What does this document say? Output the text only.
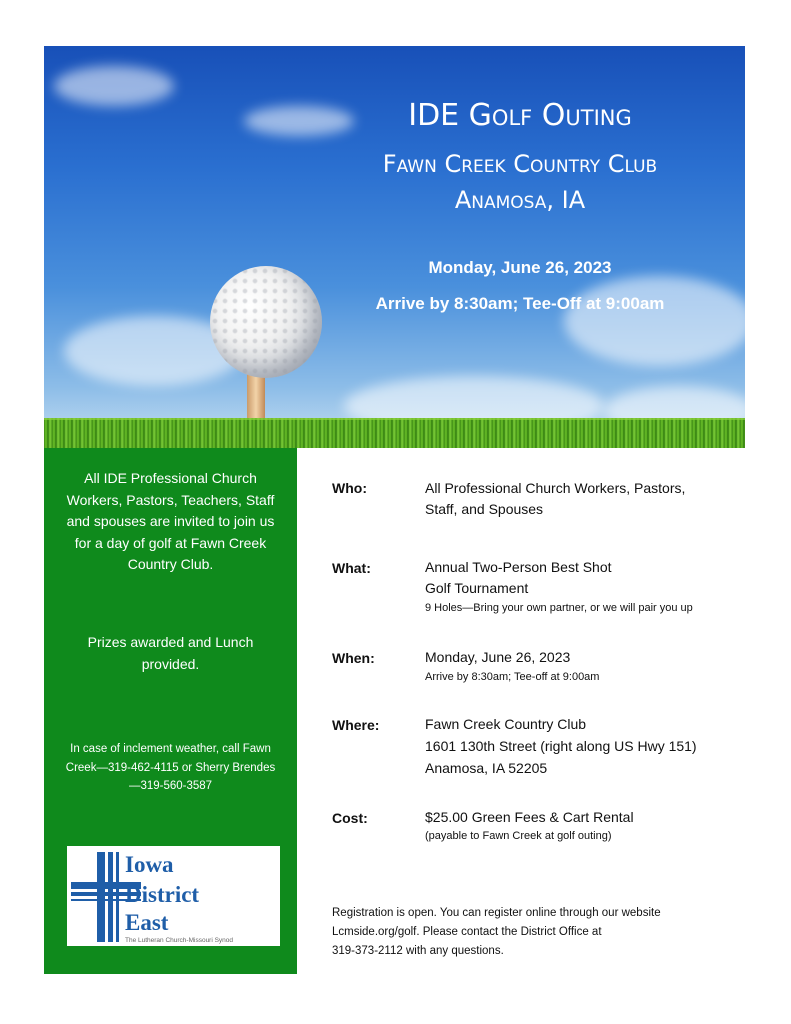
IDE Golf Outing
Fawn Creek Country Club
Anamosa, IA
Monday, June 26, 2023
Arrive by 8:30am; Tee-Off at 9:00am

All IDE Professional Church Workers, Pastors, Teachers, Staff and spouses are invited to join us for a day of golf at Fawn Creek Country Club.

Prizes awarded and Lunch provided.

In case of inclement weather, call Fawn Creek—319-462-4115 or Sherry Brendes—319-560-3587

Iowa
District
East
The Lutheran Church-Missouri Synod
Who:	All Professional Church Workers, Pastors,
Staff, and Spouses
What:	Annual Two-Person Best Shot
Golf Tournament
9 Holes—Bring your own partner, or we will pair you up
When:	Monday, June 26, 2023
Arrive by 8:30am; Tee-off at 9:00am
Where:	Fawn Creek Country Club
1601 130th Street (right along US Hwy 151)
Anamosa, IA 52205
Cost:	$25.00 Green Fees & Cart Rental
(payable to Fawn Creek at golf outing)
Registration is open. You can register online through our website
Lcmside.org/golf. Please contact the District Office at
319-373-2112 with any questions.
